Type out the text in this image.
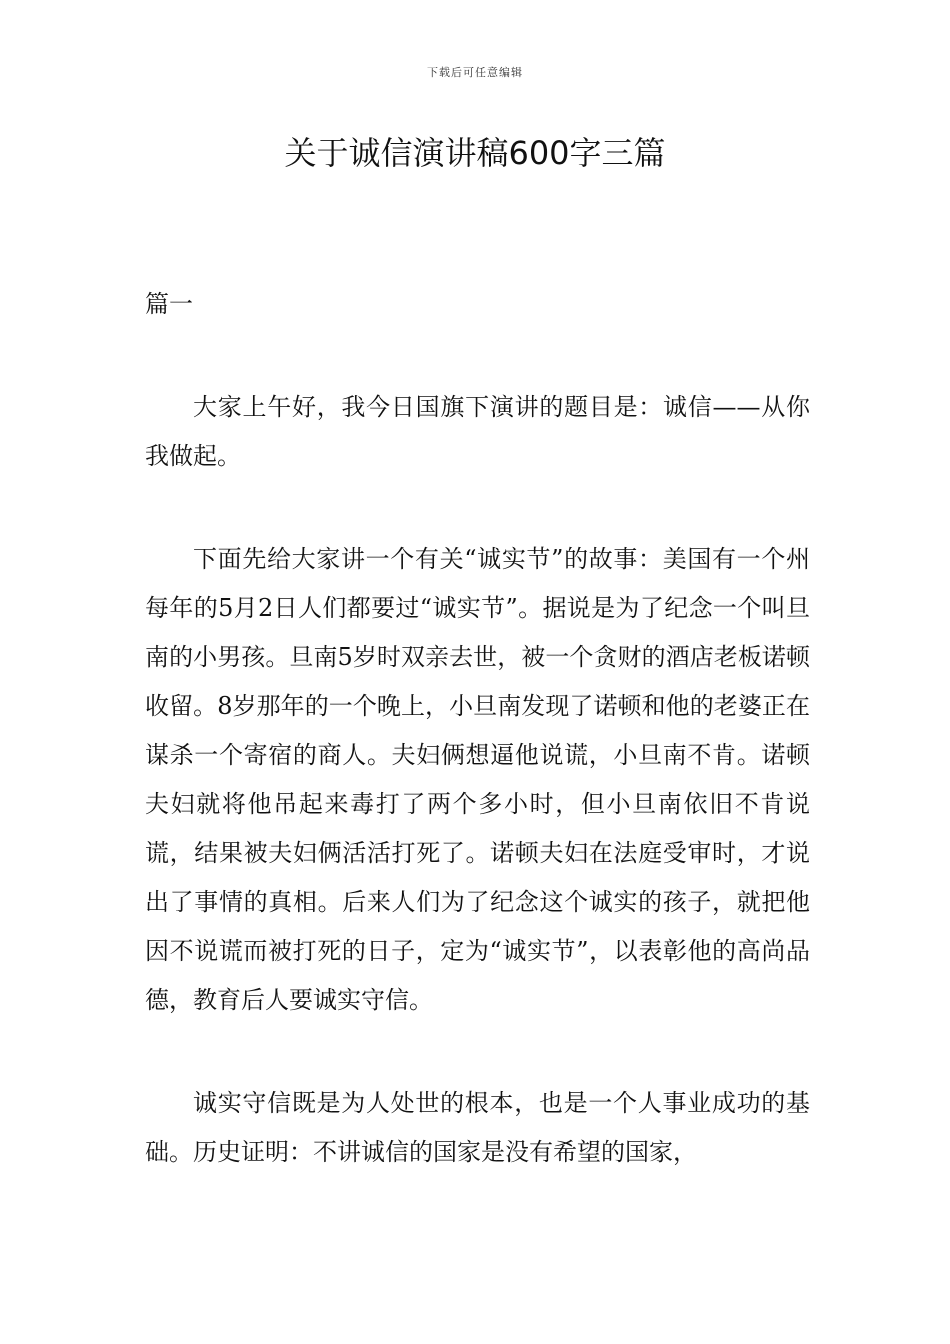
下载后可任意编辑
关于诚信演讲稿600字三篇

篇一

大家上午好，我今日国旗下演讲的题目是：诚信——从你我做起。

下面先给大家讲一个有关“诚实节”的故事：美国有一个州每年的5月2日人们都要过“诚实节”。据说是为了纪念一个叫旦南的小男孩。旦南5岁时双亲去世，被一个贪财的酒店老板诺顿收留。8岁那年的一个晚上，小旦南发现了诺顿和他的老婆正在谋杀一个寄宿的商人。夫妇俩想逼他说谎，小旦南不肯。诺顿夫妇就将他吊起来毒打了两个多小时，但小旦南依旧不肯说谎，结果被夫妇俩活活打死了。诺顿夫妇在法庭受审时，才说出了事情的真相。后来人们为了纪念这个诚实的孩子，就把他因不说谎而被打死的日子，定为“诚实节”，以表彰他的高尚品德，教育后人要诚实守信。

诚实守信既是为人处世的根本，也是一个人事业成功的基础。历史证明：不讲诚信的国家是没有希望的国家，
